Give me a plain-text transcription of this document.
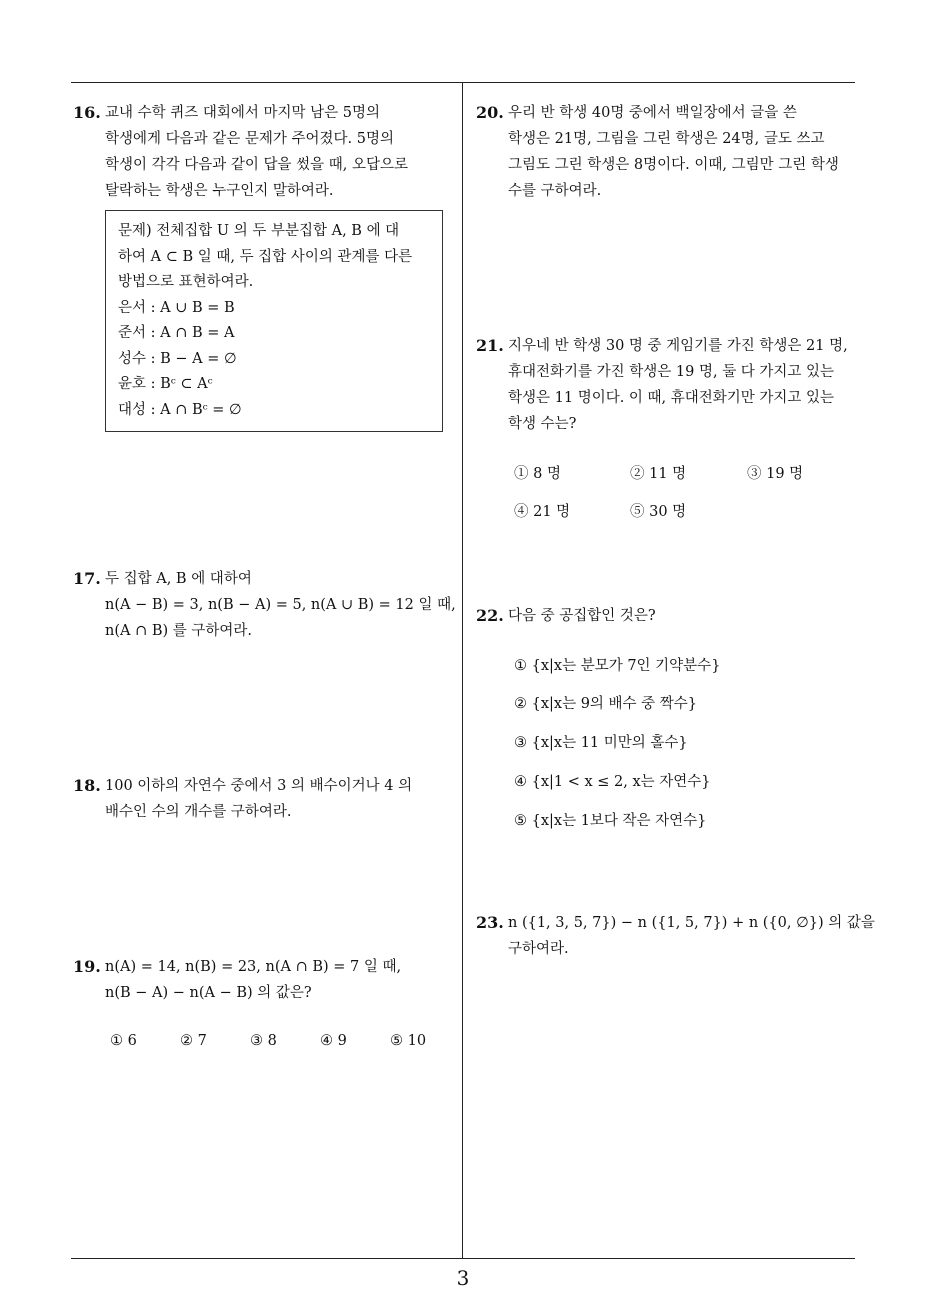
16. 교내 수학 퀴즈 대회에서 마지막 남은 5명의
학생에게 다음과 같은 문제가 주어졌다. 5명의
학생이 각각 다음과 같이 답을 썼을 때, 오답으로
탈락하는 학생은 누구인지 말하여라.
문제) 전체집합 U 의 두 부분집합 A, B 에 대
하여 A ⊂ B 일 때, 두 집합 사이의 관계를 다른
방법으로 표현하여라.
은서 : A ∪ B = B
준서 : A ∩ B = A
성수 : B − A = ∅
윤호 : Bᶜ ⊂ Aᶜ
대성 : A ∩ Bᶜ = ∅
17. 두 집합 A, B 에 대하여
n(A − B) = 3, n(B − A) = 5, n(A ∪ B) = 12 일 때,
n(A ∩ B) 를 구하여라.
18. 100 이하의 자연수 중에서 3 의 배수이거나 4 의
배수인 수의 개수를 구하여라.
19. n(A) = 14, n(B) = 23, n(A ∩ B) = 7 일 때,
n(B − A) − n(A − B) 의 값은?
① 6	② 7	③ 8	④ 9	⑤ 10
20. 우리 반 학생 40명 중에서 백일장에서 글을 쓴
학생은 21명, 그림을 그린 학생은 24명, 글도 쓰고
그림도 그린 학생은 8명이다. 이때, 그림만 그린 학생
수를 구하여라.
21. 지우네 반 학생 30 명 중 게임기를 가진 학생은 21 명,
휴대전화기를 가진 학생은 19 명, 둘 다 가지고 있는
학생은 11 명이다. 이 때, 휴대전화기만 가지고 있는
학생 수는?
① 8 명	② 11 명	③ 19 명
④ 21 명	⑤ 30 명
22. 다음 중 공집합인 것은?
① {x|x는 분모가 7인 기약분수}
② {x|x는 9의 배수 중 짝수}
③ {x|x는 11 미만의 홀수}
④ {x|1 < x ≤ 2, x는 자연수}
⑤ {x|x는 1보다 작은 자연수}
23. n ({1, 3, 5, 7}) − n ({1, 5, 7}) + n ({0, ∅}) 의 값을
구하여라.
3
